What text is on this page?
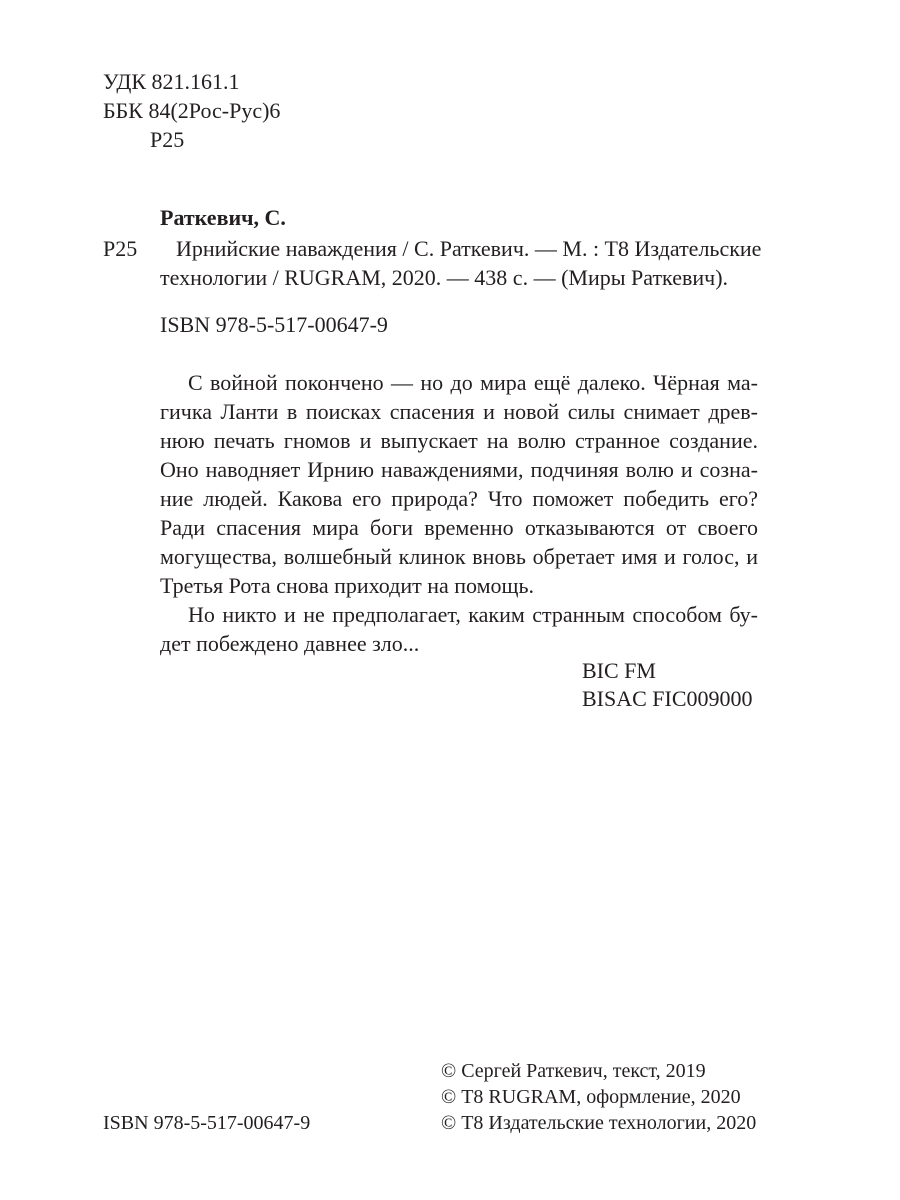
УДК 821.161.1
ББК 84(2Рос-Рус)6
Р25
Раткевич, С.
Р25 Ирнийские наваждения / С. Раткевич. — М. : Т8 Издательские
технологии / RUGRAM, 2020. — 438 с. — (Миры Раткевич).
ISBN 978-5-517-00647-9
С войной покончено — но до мира ещё далеко. Чёрная ма-
гичка Ланти в поисках спасения и новой силы снимает древ-
нюю печать гномов и выпускает на волю странное создание.
Оно наводняет Ирнию наваждениями, подчиняя волю и созна-
ние людей. Какова его природа? Что поможет победить его?
Ради спасения мира боги временно отказываются от своего
могущества, волшебный клинок вновь обретает имя и голос, и
Третья Рота снова приходит на помощь.
Но никто и не предполагает, каким странным способом бу-
дет побеждено давнее зло...
BIC FM
BISAC FIC009000
ISBN 978-5-517-00647-9
© Сергей Раткевич, текст, 2019
© Т8 RUGRAM, оформление, 2020
© Т8 Издательские технологии, 2020
